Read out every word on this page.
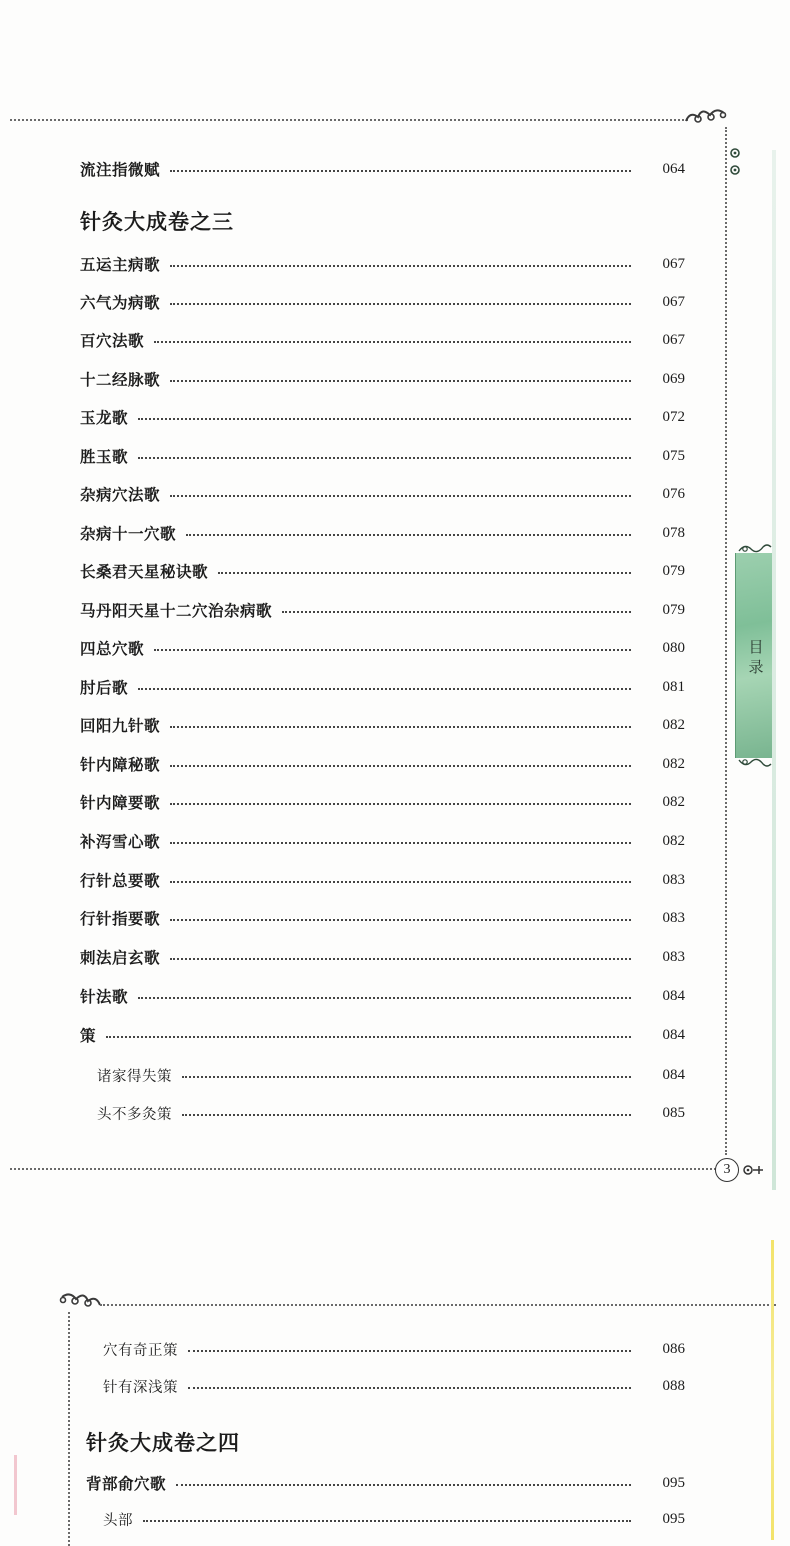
流注指微赋	064
针灸大成卷之三
五运主病歌	067
六气为病歌	067
百穴法歌	067
十二经脉歌	069
玉龙歌	072
胜玉歌	075
杂病穴法歌	076
杂病十一穴歌	078
长桑君天星秘诀歌	079
马丹阳天星十二穴治杂病歌	079
四总穴歌	080
肘后歌	081
回阳九针歌	082
针内障秘歌	082
针内障要歌	082
补泻雪心歌	082
行针总要歌	083
行针指要歌	083
刺法启玄歌	083
针法歌	084
策	084
诸家得失策	084
头不多灸策	085
3
目
录
穴有奇正策	086
针有深浅策	088
针灸大成卷之四
背部俞穴歌	095
头部	095
